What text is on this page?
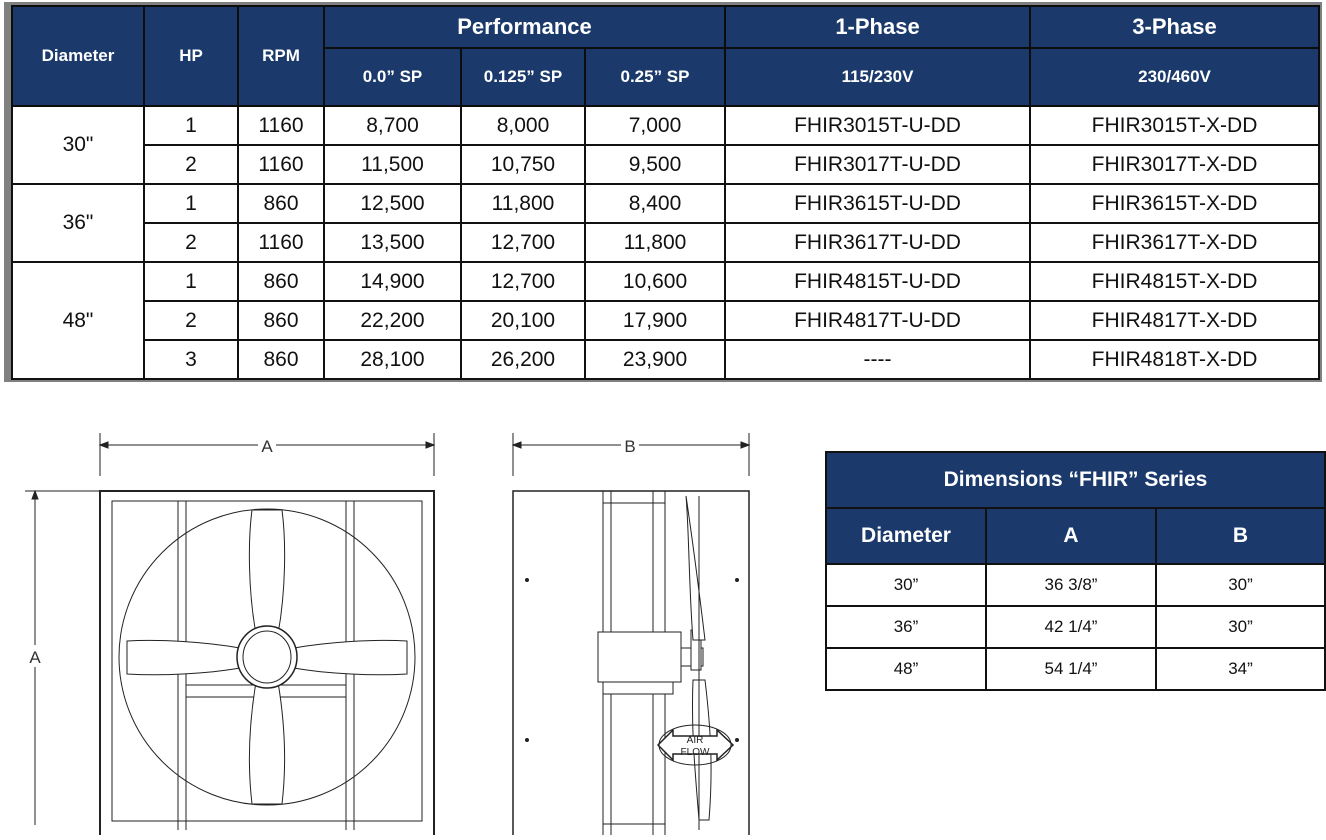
Diameter	HP	RPM	Performance			1-Phase	3-Phase
			0.0” SP	0.125” SP	0.25” SP	115/230V	230/460V
30"	1	1160	8,700	8,000	7,000	FHIR3015T-U-DD	FHIR3015T-X-DD
	2	1160	11,500	10,750	9,500	FHIR3017T-U-DD	FHIR3017T-X-DD
36"	1	860	12,500	11,800	8,400	FHIR3615T-U-DD	FHIR3615T-X-DD
	2	1160	13,500	12,700	11,800	FHIR3617T-U-DD	FHIR3617T-X-DD
48"	1	860	14,900	12,700	10,600	FHIR4815T-U-DD	FHIR4815T-X-DD
	2	860	22,200	20,100	17,900	FHIR4817T-U-DD	FHIR4817T-X-DD
	3	860	28,100	26,200	23,900	----	FHIR4818T-X-DD
A
A
B
AIR
FLOW
Dimensions “FHIR” Series		
Diameter	A	B
30”	36 3/8”	30”
36”	42 1/4”	30”
48”	54 1/4”	34”
